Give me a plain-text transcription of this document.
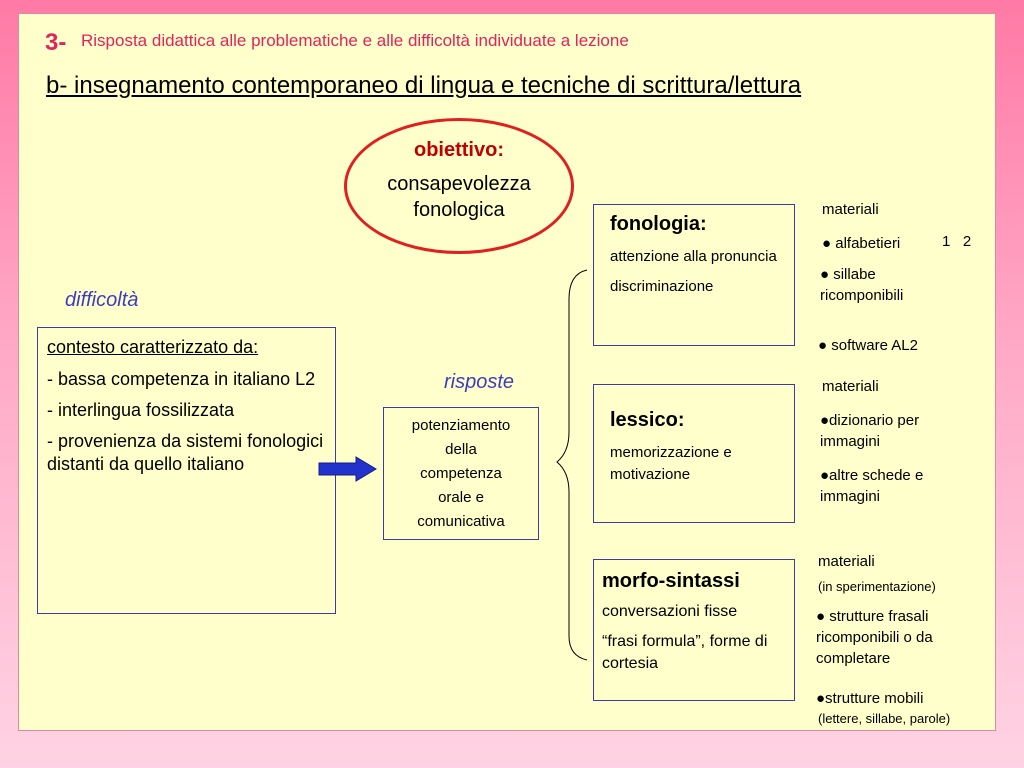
3- Risposta didattica alle problematiche e alle difficoltà individuate a lezione
b- insegnamento contemporaneo di lingua e tecniche di scrittura/lettura
obiettivo:
consapevolezza
fonologica
difficoltà
risposte

contesto caratterizzato da:

- bassa competenza in italiano L2

- interlingua fossilizzata

- provenienza da sistemi fonologici distanti da quello italiano

potenziamento
della
competenza
orale e
comunicativa
fonologia:

attenzione alla pronuncia

discriminazione

lessico:

memorizzazione e motivazione

morfo-sintassi

conversazioni fisse

“frasi formula”, forme di cortesia

materiali
● alfabetieri	1   2
● sillabe ricomponibili
● software AL2
materiali
●dizionario per immagini
●altre schede e immagini
materiali
(in sperimentazione)
● strutture frasali ricomponibili o da completare
●strutture mobili
(lettere, sillabe, parole)
